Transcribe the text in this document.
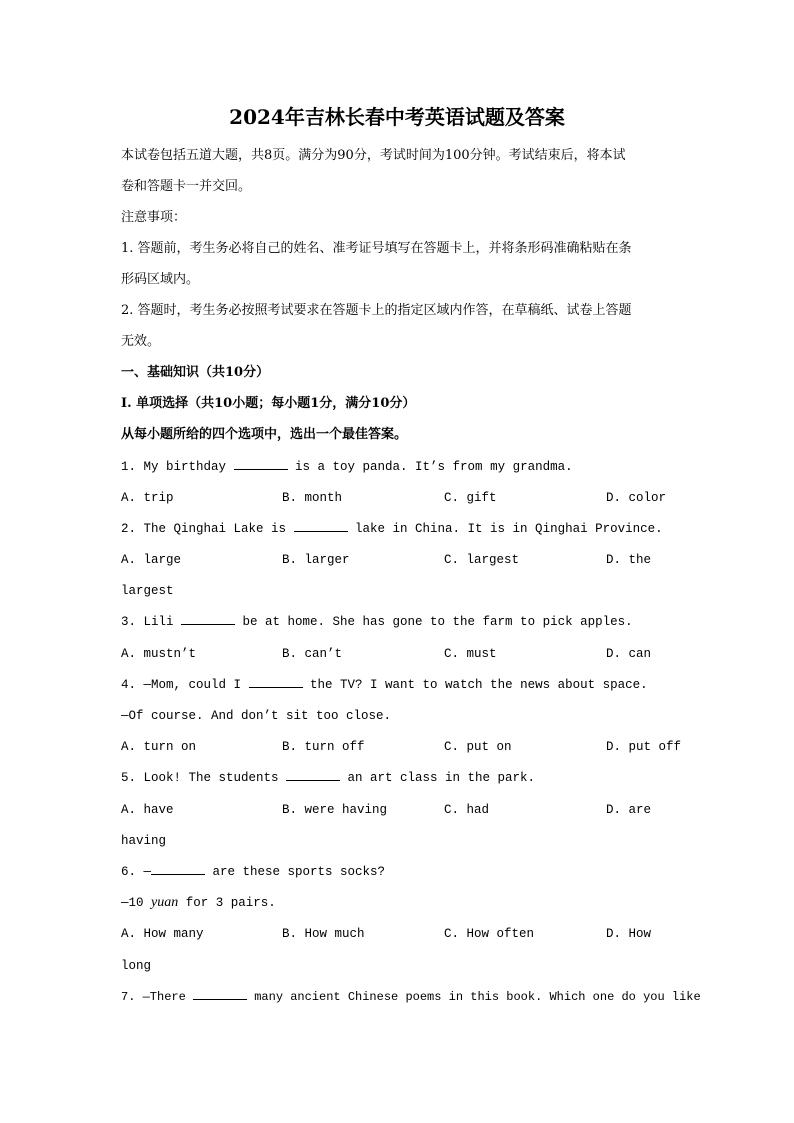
2024年吉林长春中考英语试题及答案
本试卷包括五道大题，共8页。满分为90分，考试时间为100分钟。考试结束后，将本试
卷和答题卡一并交回。
注意事项：
1. 答题前，考生务必将自己的姓名、准考证号填写在答题卡上，并将条形码准确粘贴在条
形码区域内。
2. 答题时，考生务必按照考试要求在答题卡上的指定区域内作答，在草稿纸、试卷上答题
无效。
一、基础知识（共10分）
Ⅰ. 单项选择（共10小题；每小题1分，满分10分）
从每小题所给的四个选项中，选出一个最佳答案。
1. My birthday	is a toy panda. It’s from my grandma.
A. trip	B. month	C. gift	D. color
2. The Qinghai Lake is	lake in China. It is in Qinghai Province.
A. large	B. larger	C. largest	D. the
largest
3. Lili	be at home. She has gone to the farm to pick apples.
A. mustn’t	B. can’t	C. must	D. can
4. —Mom, could I	the TV? I want to watch the news about space.
—Of course. And don’t sit too close.
A. turn on	B. turn off	C. put on	D. put off
5. Look! The students	an art class in the park.
A. have	B. were having	C. had	D. are
having
6. —	are these sports socks?
—10 yuan for 3 pairs.
A. How many	B. How much	C. How often	D. How
long
7. —There	many ancient Chinese poems in this book. Which one do you like
